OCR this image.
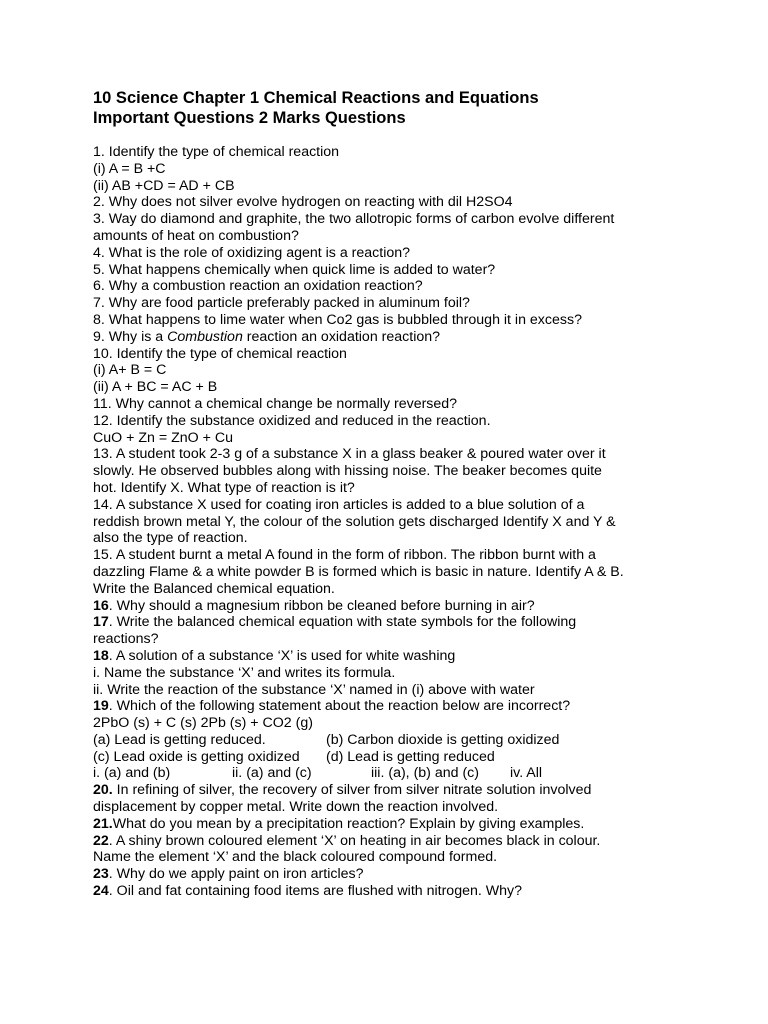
10 Science Chapter 1 Chemical Reactions and Equations
Important Questions 2 Marks Questions
1. Identify the type of chemical reaction
(i) A = B +C
(ii) AB +CD = AD + CB
2. Why does not silver evolve hydrogen on reacting with dil H2SO4
3. Way do diamond and graphite, the two allotropic forms of carbon evolve different
amounts of heat on combustion?
4. What is the role of oxidizing agent is a reaction?
5. What happens chemically when quick lime is added to water?
6. Why a combustion reaction an oxidation reaction?
7. Why are food particle preferably packed in aluminum foil?
8. What happens to lime water when Co2 gas is bubbled through it in excess?
9. Why is a Combustion reaction an oxidation reaction?
10. Identify the type of chemical reaction
(i) A+ B = C
(ii) A + BC = AC + B
11. Why cannot a chemical change be normally reversed?
12. Identify the substance oxidized and reduced in the reaction.
CuO + Zn = ZnO + Cu
13. A student took 2-3 g of a substance X in a glass beaker & poured water over it
slowly. He observed bubbles along with hissing noise. The beaker becomes quite
hot. Identify X. What type of reaction is it?
14. A substance X used for coating iron articles is added to a blue solution of a
reddish brown metal Y, the colour of the solution gets discharged Identify X and Y &
also the type of reaction.
15. A student burnt a metal A found in the form of ribbon. The ribbon burnt with a
dazzling Flame & a white powder B is formed which is basic in nature. Identify A & B.
Write the Balanced chemical equation.
16. Why should a magnesium ribbon be cleaned before burning in air?
17. Write the balanced chemical equation with state symbols for the following
reactions?
18. A solution of a substance ‘X’ is used for white washing
i. Name the substance ‘X’ and writes its formula.
ii. Write the reaction of the substance ‘X’ named in (i) above with water
19. Which of the following statement about the reaction below are incorrect?
2PbO (s) + C (s) 2Pb (s) + CO2 (g)
(a) Lead is getting reduced.	(b) Carbon dioxide is getting oxidized
(c) Lead oxide is getting oxidized (d) Lead is getting reduced
i. (a) and (b)	ii. (a) and (c)	iii. (a), (b) and (c) iv. All
20. In refining of silver, the recovery of silver from silver nitrate solution involved
displacement by copper metal. Write down the reaction involved.
21.What do you mean by a precipitation reaction? Explain by giving examples.
22. A shiny brown coloured element ‘X’ on heating in air becomes black in colour.
Name the element ‘X’ and the black coloured compound formed.
23. Why do we apply paint on iron articles?
24. Oil and fat containing food items are flushed with nitrogen. Why?
